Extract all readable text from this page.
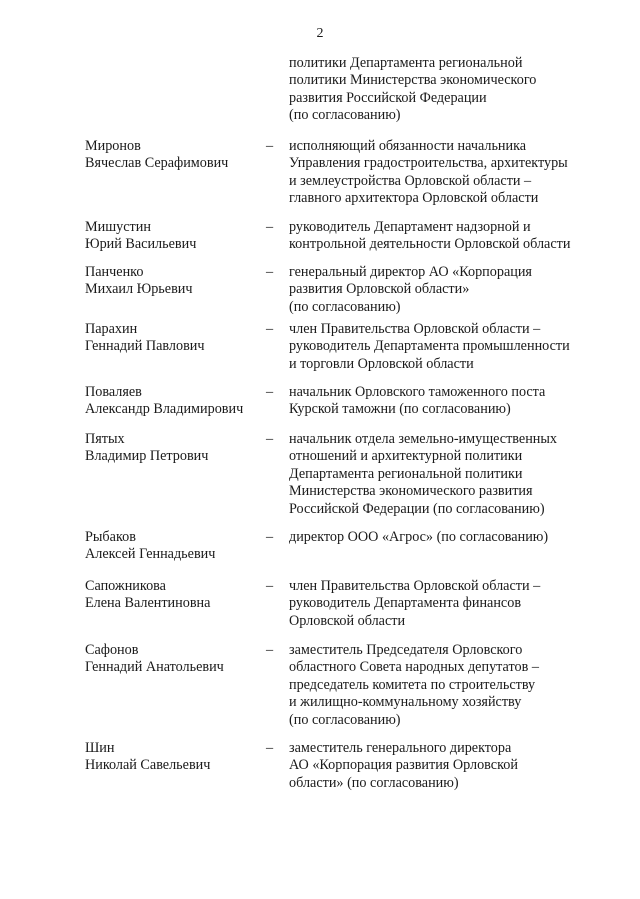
2
политики Департамента региональной
политики Министерства экономического
развития Российской Федерации
(по согласованию)
Миронов
Вячеслав Серафимович
– исполняющий обязанности начальника
Управления градостроительства, архитектуры
и землеустройства Орловской области –
главного архитектора Орловской области
Мишустин
Юрий Васильевич
– руководитель Департамент надзорной и
контрольной деятельности Орловской области
Панченко
Михаил Юрьевич
– генеральный директор АО «Корпорация
развития Орловской области»
(по согласованию)
Парахин
Геннадий Павлович
– член Правительства Орловской области –
руководитель Департамента промышленности
и торговли Орловской области
Поваляев
Александр Владимирович
– начальник Орловского таможенного поста
Курской таможни (по согласованию)
Пятых
Владимир Петрович
– начальник отдела земельно-имущественных
отношений и архитектурной политики
Департамента региональной политики
Министерства экономического развития
Российской Федерации (по согласованию)
Рыбаков
Алексей Геннадьевич
– директор ООО «Агрос» (по согласованию)
Сапожникова
Елена Валентиновна
– член Правительства Орловской области –
руководитель Департамента финансов
Орловской области
Сафонов
Геннадий Анатольевич
– заместитель Председателя Орловского
областного Совета народных депутатов –
председатель комитета по строительству
и жилищно-коммунальному хозяйству
(по согласованию)
Шин
Николай Савельевич
– заместитель генерального директора
АО «Корпорация развития Орловской
области» (по согласованию)
